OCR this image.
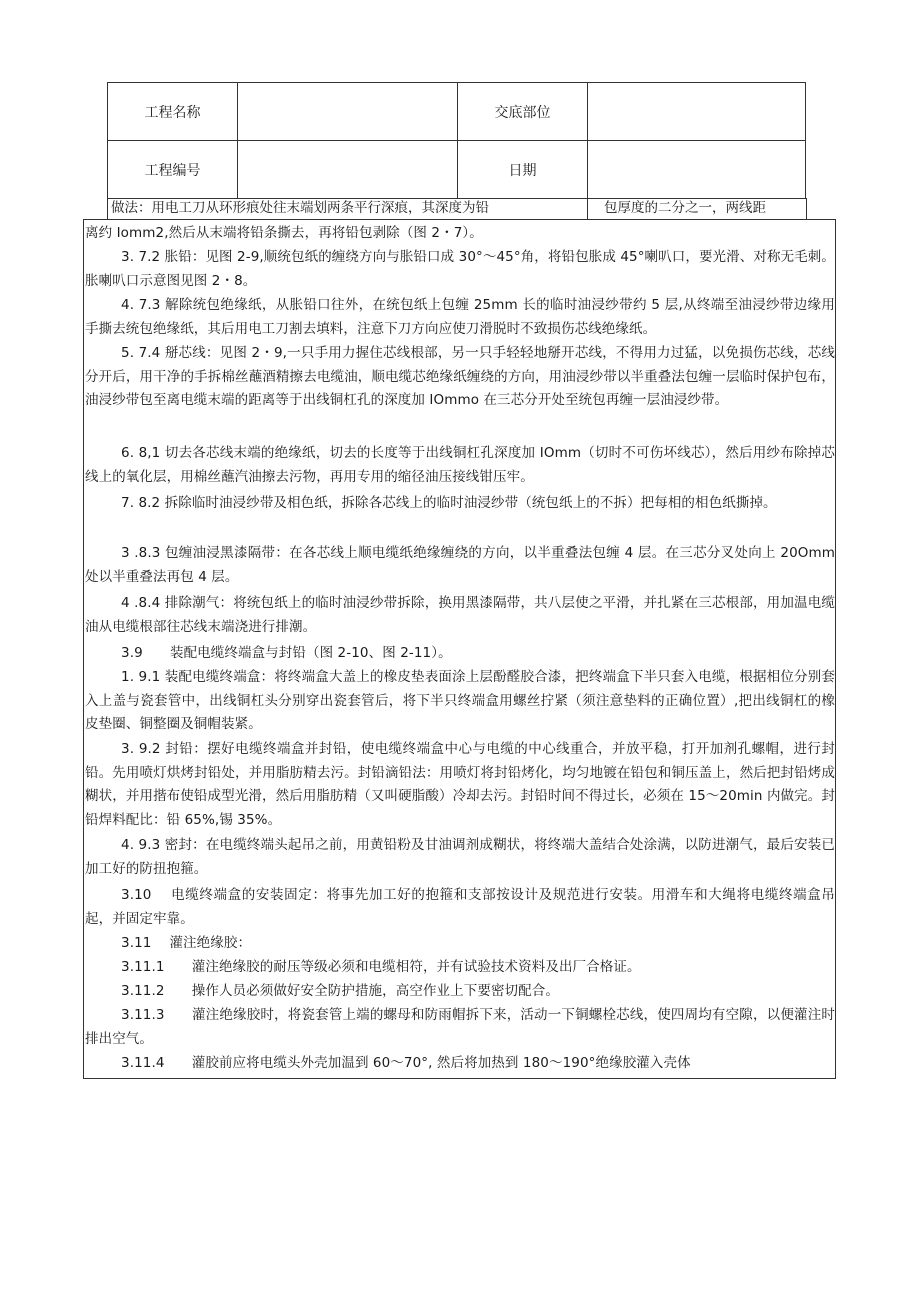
工程名称		交底部位	
工程编号		日期	
做法：用电工刀从环形痕处往末端划两条平行深痕，其深度为铅	包厚度的二分之一，两线距
离约 Iomm2,然后从末端将铅条撕去，再将铅包剥除（图 2・7）。
3. 7.2 胀铅：见图 2-9,顺统包纸的缠绕方向与胀铅口成 30°～45°角，将铅包胀成 45°喇叭口，要光滑、对称无毛刺。胀喇叭口示意图见图 2・8。
4. 7.3 解除统包绝缘纸，从胀铅口往外，在统包纸上包缠 25mm 长的临时油浸纱带约 5 层,从终端至油浸纱带边缘用手撕去统包绝缘纸，其后用电工刀割去填料，注意下刀方向应使刀滑脱时不致损伤芯线绝缘纸。
5. 7.4 掰芯线：见图 2・9,一只手用力握住芯线根部，另一只手轻轻地掰开芯线，不得用力过猛，以免损伤芯线，芯线分开后，用干净的手拆棉丝蘸酒精擦去电缆油，顺电缆芯绝缘纸缠绕的方向，用油浸纱带以半重叠法包缠一层临时保护包布，油浸纱带包至离电缆末端的距离等于出线铜杠孔的深度加 IOmmo 在三芯分开处至统包再缠一层油浸纱带。
6. 8,1 切去各芯线末端的绝缘纸，切去的长度等于出线铜杠孔深度加 IOmm（切时不可伤坏线芯），然后用纱布除掉芯线上的氧化层，用棉丝蘸汽油擦去污物，再用专用的缩径油压接线钳压牢。
7. 8.2 拆除临时油浸纱带及相色纸，拆除各芯线上的临时油浸纱带（统包纸上的不拆）把每相的相色纸撕掉。
3 .8.3 包缠油浸黑漆隔带：在各芯线上顺电缆纸绝缘缠绕的方向，以半重叠法包缠 4 层。在三芯分叉处向上 20Omm 处以半重叠法再包 4 层。
4 .8.4 排除潮气：将统包纸上的临时油浸纱带拆除，换用黑漆隔带，共八层使之平滑，并扎紧在三芯根部，用加温电缆油从电缆根部往芯线末端浇进行排潮。
3.9　　装配电缆终端盒与封铅（图 2-10、图 2-11）。
1. 9.1 装配电缆终端盒：将终端盒大盖上的橡皮垫表面涂上层酚醛胶合漆，把终端盒下半只套入电缆，根据相位分别套入上盖与瓷套管中，出线铜杠头分别穿出瓷套管后，将下半只终端盒用螺丝拧紧（须注意垫料的正确位置）,把出线铜杠的橡皮垫圈、铜整圈及铜帽装紧。
3. 9.2 封铅：摆好电缆终端盒并封铅，使电缆终端盒中心与电缆的中心线重合，并放平稳，打开加剂孔螺帽，进行封铅。先用喷灯烘烤封铅处，并用脂肪精去污。封铅滴铅法：用喷灯将封铅烤化，均匀地镀在铅包和铜压盖上，然后把封铅烤成糊状，并用揩布使铅成型光滑，然后用脂肪精（又叫硬脂酸）冷却去污。封铅时间不得过长，必须在 15～20min 内做完。封铅焊料配比：铅 65%,锡 35%。
4. 9.3 密封：在电缆终端头起吊之前，用黄铅粉及甘油调剂成糊状，将终端大盖结合处涂满，以防进潮气，最后安装已加工好的防扭抱箍。
3.10　 电缆终端盒的安装固定：将事先加工好的抱箍和支部按设计及规范进行安装。用滑车和大绳将电缆终端盒吊起，并固定牢靠。
3.11　 灌注绝缘胶：
3.11.1　　灌注绝缘胶的耐压等级必须和电缆相符，并有试验技术资料及出厂合格证。
3.11.2　　操作人员必须做好安全防护措施，高空作业上下要密切配合。
3.11.3　　灌注绝缘胶时，将瓷套管上端的螺母和防雨帽拆下来，活动一下铜螺栓芯线，使四周均有空隙，以便灌注时排出空气。
3.11.4　　灌胶前应将电缆头外壳加温到 60～70°, 然后将加热到 180～190°绝缘胶灌入壳体
